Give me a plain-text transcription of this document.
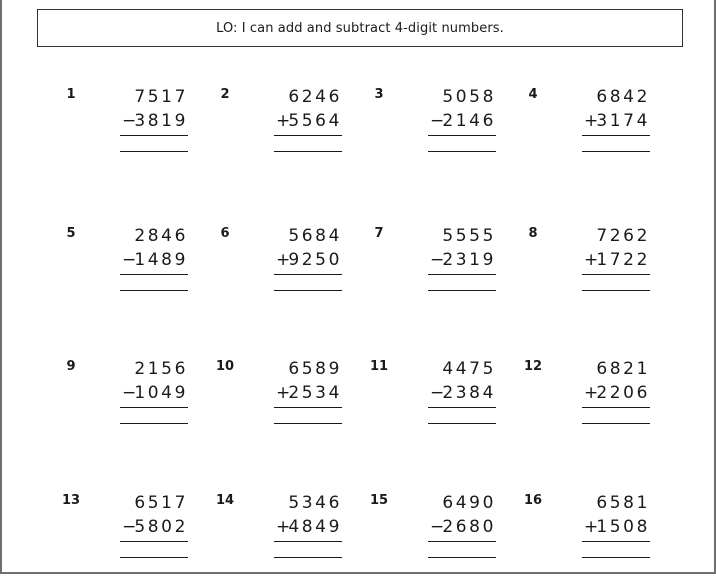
LO: I can add and subtract 4-digit numbers.
1	7517
−
3819
2	6246
+
5564
3	5058
−
2146
4	6842
+
3174
5	2846
−
1489
6	5684
+
9250
7	5555
−
2319
8	7262
+
1722
9	2156
−
1049
10	6589
+
2534
11	4475
−
2384
12	6821
+
2206
13	6517
−
5802
14	5346
+
4849
15	6490
−
2680
16	6581
+
1508
